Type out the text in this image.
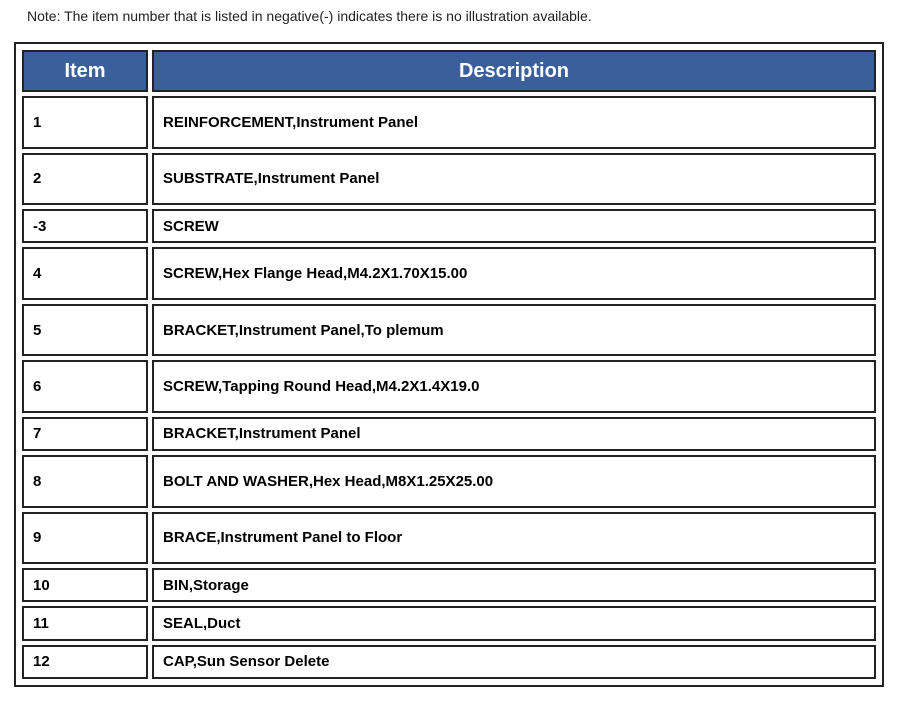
Note: The item number that is listed in negative(-) indicates there is no illustration available.
Item	Description
1	REINFORCEMENT,Instrument Panel
2	SUBSTRATE,Instrument Panel
-3	SCREW
4	SCREW,Hex Flange Head,M4.2X1.70X15.00
5	BRACKET,Instrument Panel,To plemum
6	SCREW,Tapping Round Head,M4.2X1.4X19.0
7	BRACKET,Instrument Panel
8	BOLT AND WASHER,Hex Head,M8X1.25X25.00
9	BRACE,Instrument Panel to Floor
10	BIN,Storage
11	SEAL,Duct
12	CAP,Sun Sensor Delete
